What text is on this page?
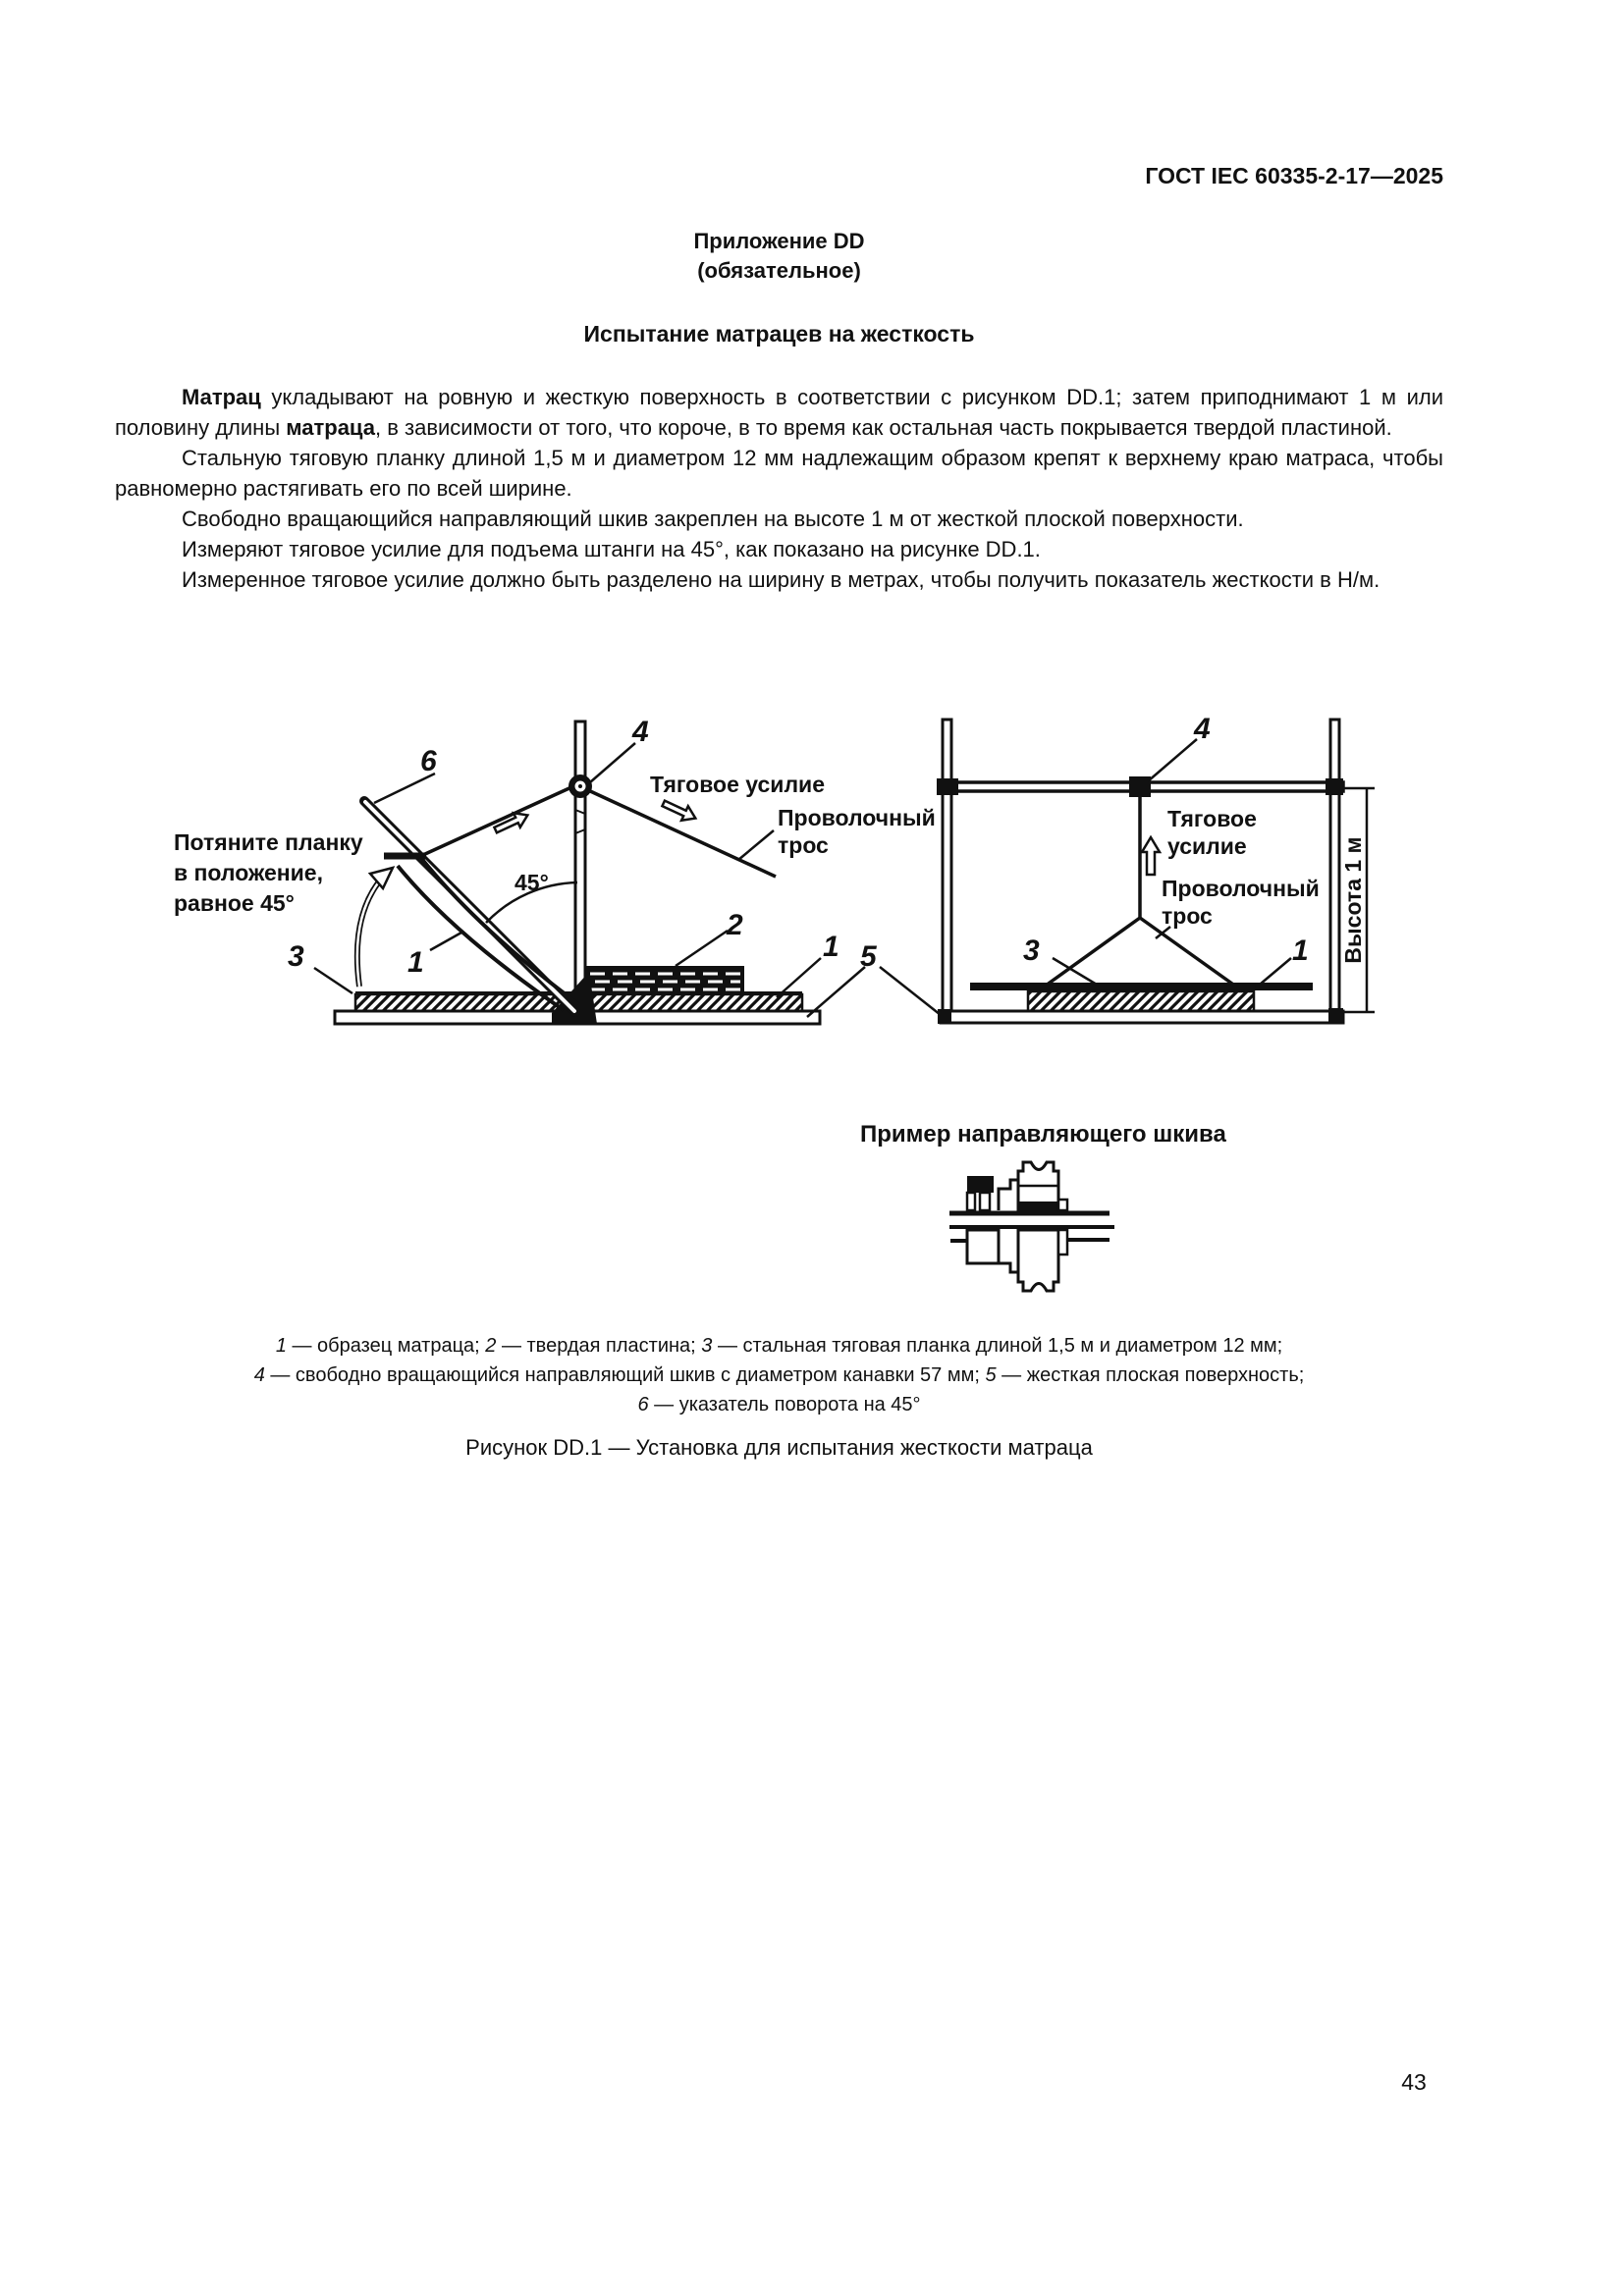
ГОСТ IEC 60335-2-17—2025
Приложение DD
(обязательное)
Испытание матрацев на жесткость

Матрац укладывают на ровную и жесткую поверхность в соответствии с рисунком DD.1; затем приподнимают 1 м или половину длины матраца, в зависимости от того, что короче, в то время как остальная часть покрывается твердой пластиной.

Стальную тяговую планку длиной 1,5 м и диаметром 12 мм надлежащим образом крепят к верхнему краю матраса, чтобы равномерно растягивать его по всей ширине.

Свободно вращающийся направляющий шкив закреплен на высоте 1 м от жесткой плоской поверхности.

Измеряют тяговое усилие для подъема штанги на 45°, как показано на рисунке DD.1.

Измеренное тяговое усилие должно быть разделено на ширину в метрах, чтобы получить показатель жесткости в Н/м.

6
4
Тяговое усилие
Проволочный
трос
45°
Потяните планку
в положение,
равное 45°
3	1
2
1 5
4
Тяговое
усилие
Проволочный
трос	Высота 1 м
3	1
Пример направляющего шкива
1 — образец матраца; 2 — твердая пластина; 3 — стальная тяговая планка длиной 1,5 м и диаметром 12 мм;
4 — свободно вращающийся направляющий шкив с диаметром канавки 57 мм; 5 — жесткая плоская поверхность;
6 — указатель поворота на 45°
Рисунок DD.1 — Установка для испытания жесткости матраца
43
